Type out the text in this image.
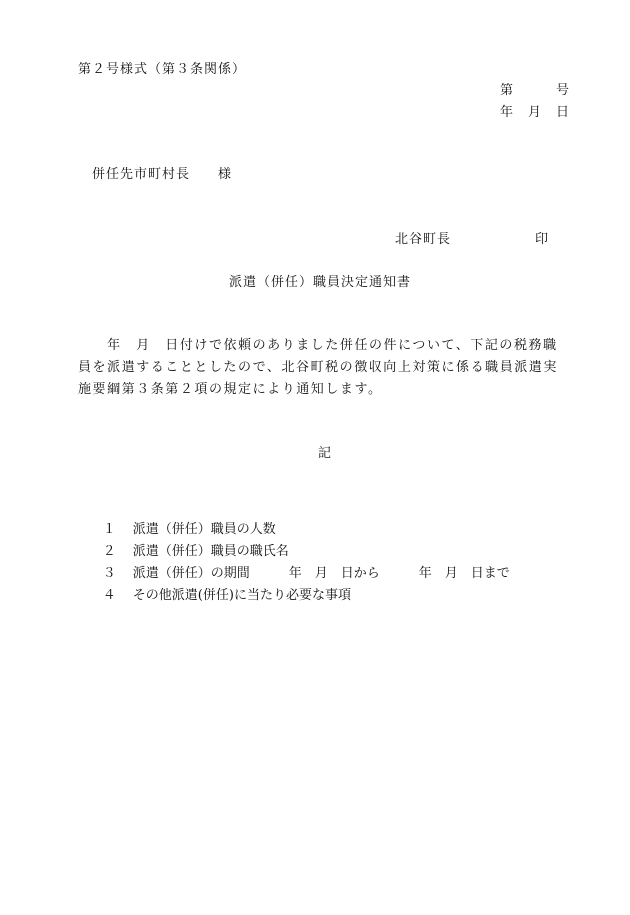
第２号様式（第３条関係）
第　　　号
年　月　日
併任先市町村長　　様
北谷町長　　　　　　印
派遣（併任）職員決定通知書
　　年　月　日付けで依頼のありました併任の件について、下記の税務職
員を派遣することとしたので、北谷町税の徴収向上対策に係る職員派遣実
施要綱第３条第２項の規定により通知します。
記

１ 派遣（併任）職員の人数

２ 派遣（併任）職員の職氏名

３ 派遣（併任）の期間　　　年　月　日から　　　年　月　日まで

４ その他派遣(併任)に当たり必要な事項
